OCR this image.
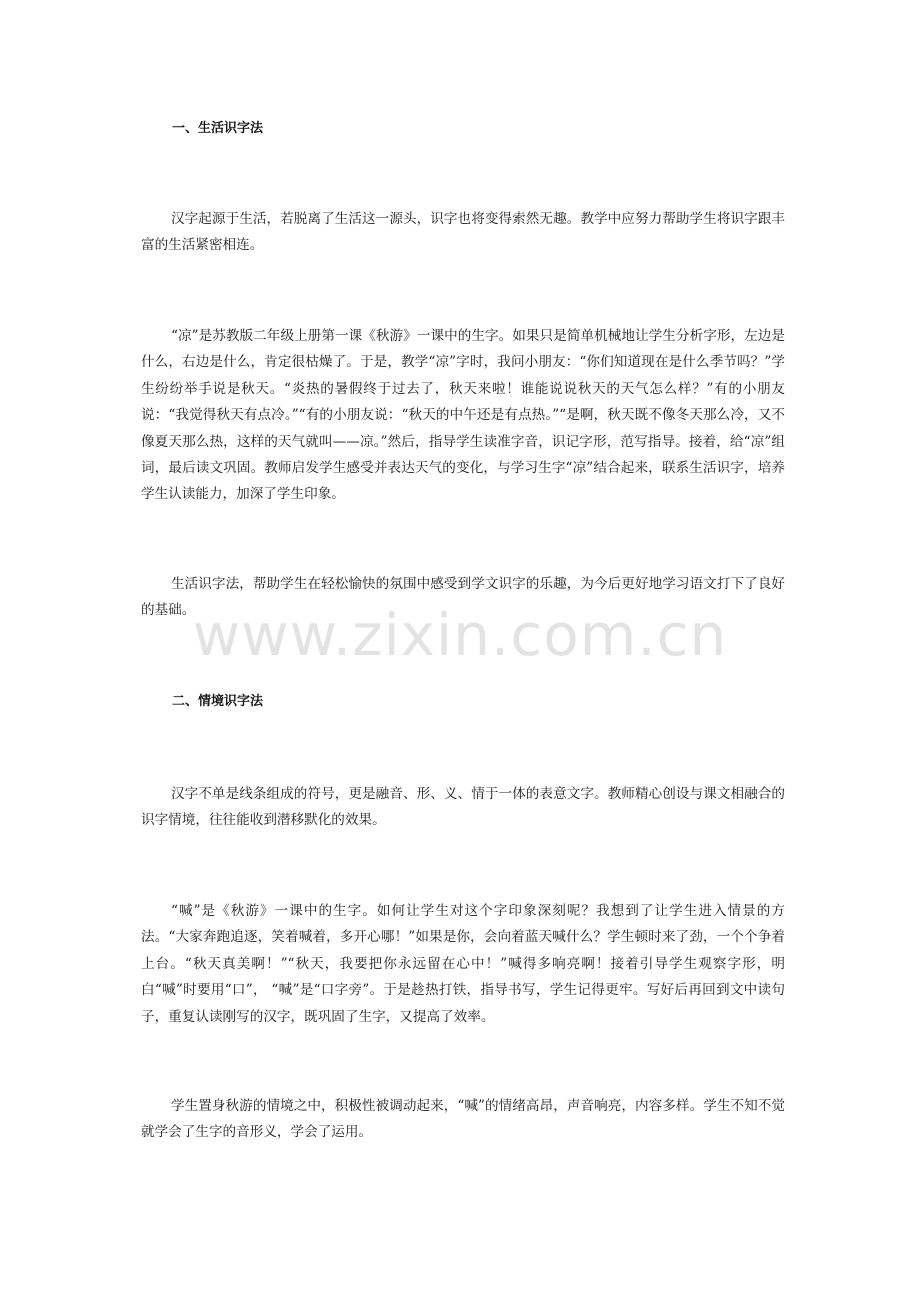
一、生活识字法

汉字起源于生活，若脱离了生活这一源头，识字也将变得索然无趣。教学中应努力帮助学生将识字跟丰富的生活紧密相连。

“凉”是苏教版二年级上册第一课《秋游》一课中的生字。如果只是简单机械地让学生分析字形，左边是什么，右边是什么，肯定很枯燥了。于是，教学“凉”字时，我问小朋友：“你们知道现在是什么季节吗？”学生纷纷举手说是秋天。“炎热的暑假终于过去了，秋天来啦！谁能说说秋天的天气怎么样？”有的小朋友说：“我觉得秋天有点冷。”“有的小朋友说：“秋天的中午还是有点热。”“是啊，秋天既不像冬天那么冷，又不像夏天那么热，这样的天气就叫——凉。”然后，指导学生读准字音，识记字形，范写指导。接着，给“凉”组词，最后读文巩固。教师启发学生感受并表达天气的变化，与学习生字“凉”结合起来，联系生活识字，培养学生认读能力，加深了学生印象。

生活识字法，帮助学生在轻松愉快的氛围中感受到学文识字的乐趣，为今后更好地学习语文打下了良好的基础。

二、情境识字法

汉字不单是线条组成的符号，更是融音、形、义、情于一体的表意文字。教师精心创设与课文相融合的识字情境，往往能收到潜移默化的效果。

“喊”是《秋游》一课中的生字。如何让学生对这个字印象深刻呢？我想到了让学生进入情景的方法。“大家奔跑追逐，笑着喊着，多开心哪！”如果是你，会向着蓝天喊什么？学生顿时来了劲，一个个争着上台。“秋天真美啊！”“秋天，我要把你永远留在心中！”喊得多响亮啊！接着引导学生观察字形，明白“喊”时要用“口”， “喊”是“口字旁”。于是趁热打铁，指导书写，学生记得更牢。写好后再回到文中读句子，重复认读刚写的汉字，既巩固了生字，又提高了效率。

学生置身秋游的情境之中，积极性被调动起来，“喊”的情绪高昂，声音响亮，内容多样。学生不知不觉就学会了生字的音形义，学会了运用。

www.zixin.com.cn
